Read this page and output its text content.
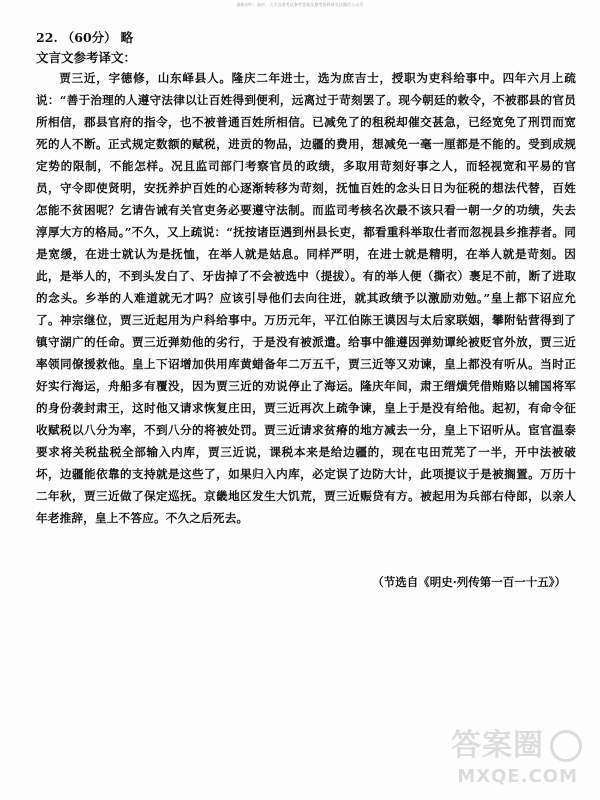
最新初中、高中、大学各类考试参考答案及参考资料请关注微信公众号
22. （60分） 略
文言文参考译文：
贾三近，字德修，山东峄县人。隆庆二年进士，选为庶吉士，授职为吏科给事中。四年六月上疏说：“善于治理的人遵守法律以让百姓得到便利，远离过于苛刻罢了。现今朝廷的敕令，不被郡县的官员所相信，郡县官府的指令，也不被普通百姓所相信。已减免了的租税却催交甚急，已经宽免了刑罚而宽死的人不断。正式规定数额的赋税，进贡的物品，边疆的费用，想减免一毫一厘都是不能的。受到成规定势的限制，不能怎样。况且监司部门考察官员的政绩，多取用苛刻好事之人，而轻视宽和平易的官员，守令即使贤明，安抚养护百姓的心逐渐转移为苛刻，抚恤百姓的念头日日为征税的想法代替，百姓怎能不贫困呢？乞请告诫有关官吏务必要遵守法制。而监司考核名次最不该只看一朝一夕的功绩，失去淳厚大方的格局。”不久，又上疏说：“抚按诸臣遇到州县长吏，都看重科举取仕者而忽视县乡推荐者。同是宽缓，在进士就认为是抚恤，在举人就是姑息。同样严明，在进士就是精明，在举人就是苛刻。因此，是举人的，不到头发白了、牙齿掉了不会被选中（提拔）。有的举人便（撕衣）裹足不前，断了进取的念头。乡举的人难道就无才吗？应该引导他们去向往进，就其政绩予以激励劝勉。”皇上都下诏应允了。神宗继位，贾三近起用为户科给事中。万历元年，平江伯陈王谟因与太后家联姻，攀附钻营得到了镇守湖广的任命。贾三近弹劾他的劣行，于是没有被派遣。给事中雒遵因弹劾谭纶被贬官外放，贾三近率领同僚援救他。皇上下诏增加供用库黄蜡备年二万五千，贾三近等又劝谏，皇上都没有听从。当时正好实行海运，舟船多有覆没，因为贾三近的劝说停止了海运。隆庆年间，肃王缙熿凭借贿赂以辅国将军的身份袭封肃王，这时他又请求恢复庄田，贾三近再次上疏争谏，皇上于是没有给他。起初，有命令征收赋税以八分为率，不到八分的将被处罚。贾三近请求贫瘠的地方减去一分，皇上下诏听从。宦官温泰要求将关税盐税全部输入内库，贾三近说，课税本来是给边疆的，现在屯田荒芜了一半，开中法被破坏，边疆能依靠的支持就是这些了，如果归入内库，必定误了边防大计，此项提议于是被搁置。万历十二年秋，贾三近做了保定巡抚。京畿地区发生大饥荒，贾三近赈贷有方。被起用为兵部右侍郎，以亲人年老推辞，皇上不答应。不久之后死去。
（节选自《明史·列传第一百一十五》）
答案圈
MXQE.COM
